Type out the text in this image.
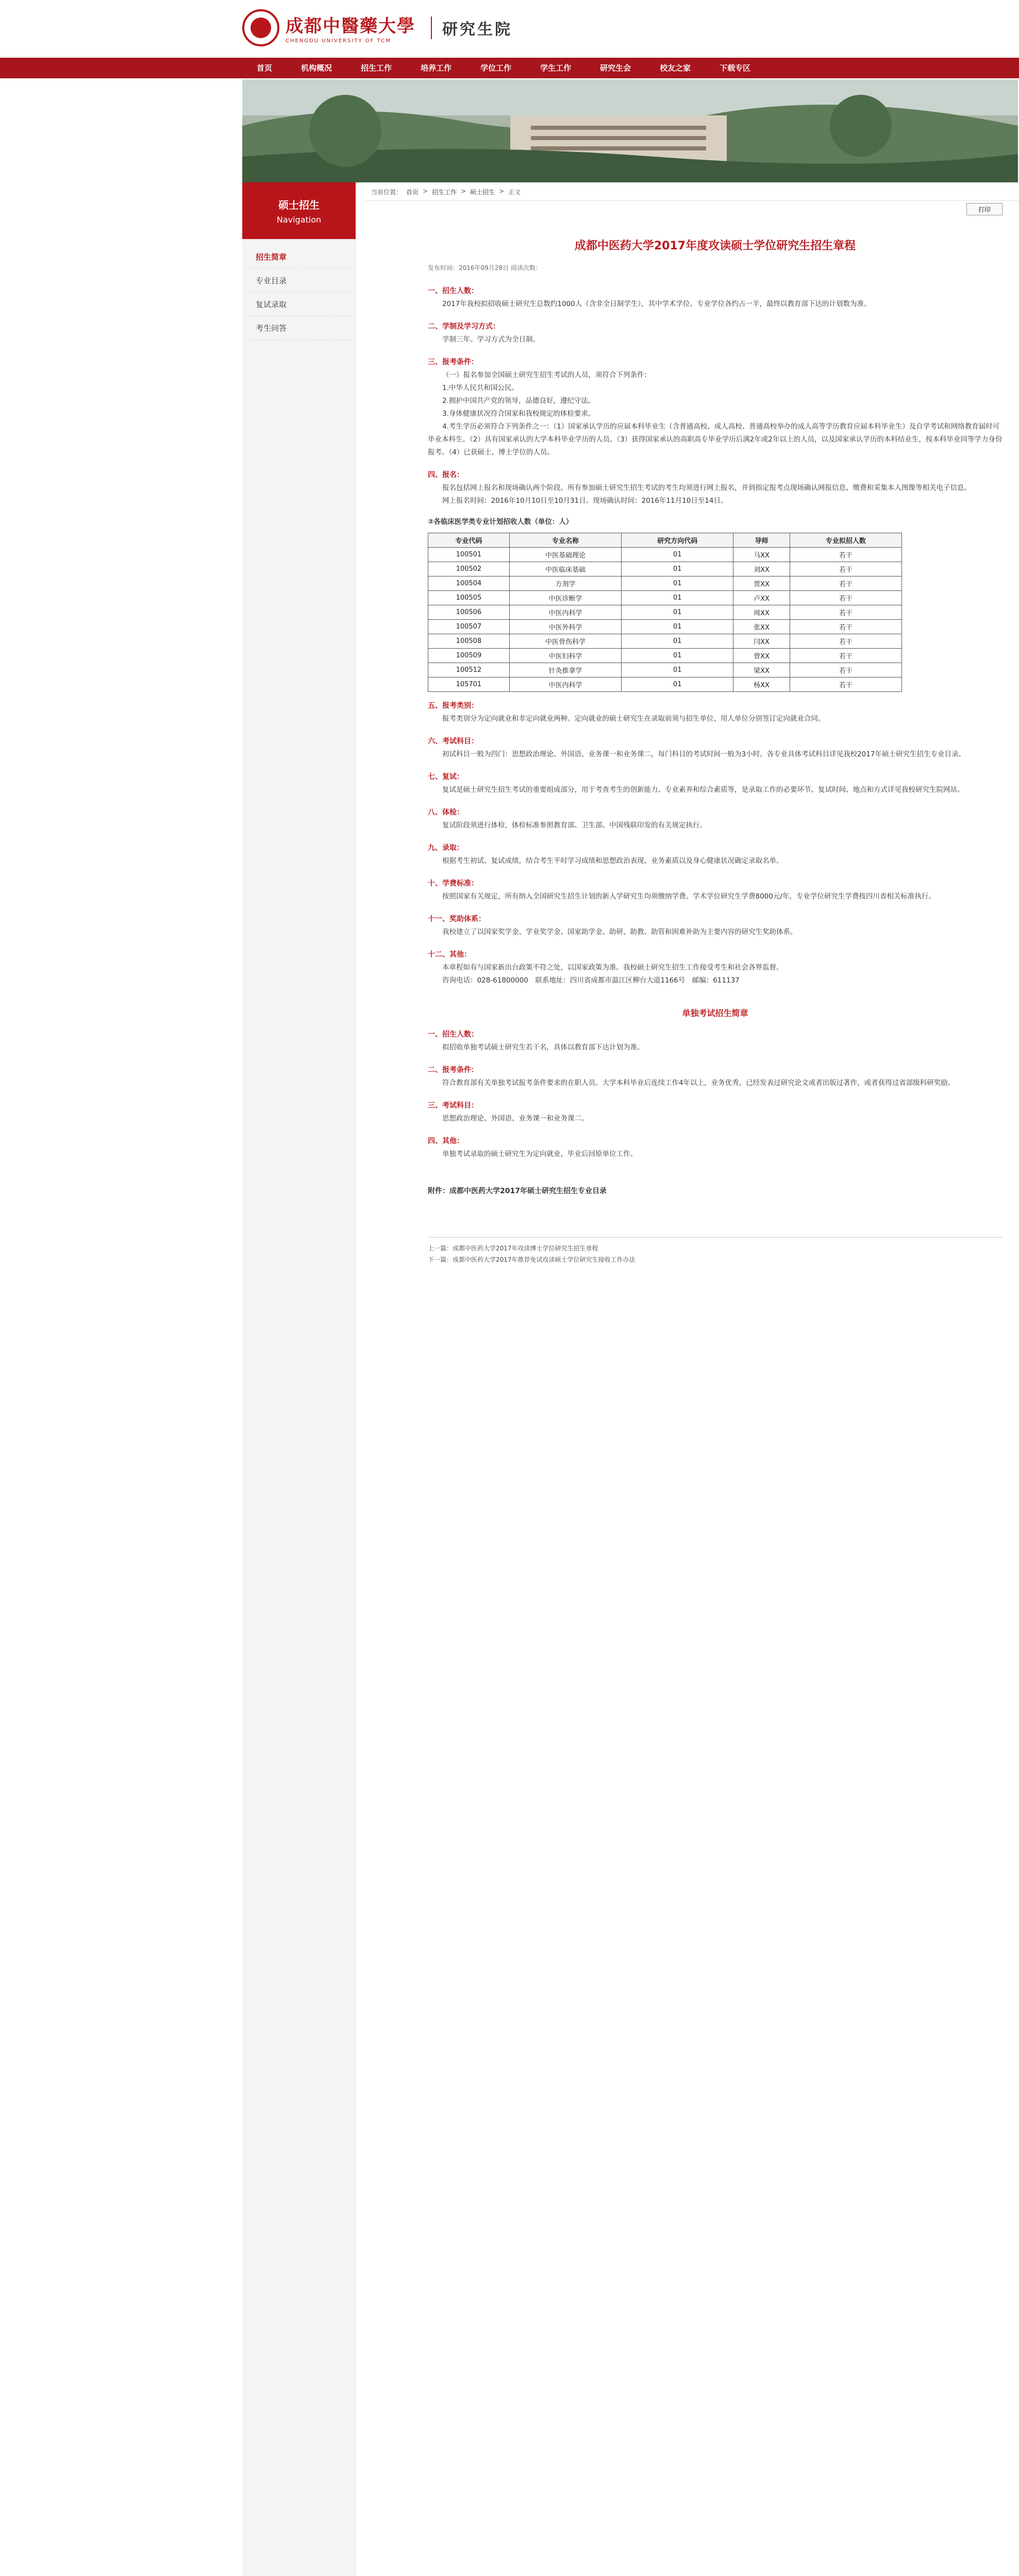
成都中醫藥大學
CHENGDU UNIVERSITY OF TCM
研究生院
首页	机构概况	招生工作	培养工作	学位工作	学生工作	研究生会	校友之家	下载专区
硕士招生
Navigation
招生简章
专业目录
复试录取
考生问答
当前位置： 首页 > 招生工作 > 硕士招生 > 正文
打印
成都中医药大学2017年度攻读硕士学位研究生招生章程
发布时间：2016年09月28日 阅读次数：
一、招生人数：
2017年我校拟招收硕士研究生总数约1000人（含非全日制学生），其中学术学位、专业学位各约占一半，最终以教育部下达的计划数为准。
二、学制及学习方式：
学制三年。学习方式为全日制。
三、报考条件：
（一）报名参加全国硕士研究生招生考试的人员，须符合下列条件：
1.中华人民共和国公民。
2.拥护中国共产党的领导，品德良好，遵纪守法。
3.身体健康状况符合国家和我校规定的体检要求。
4.考生学历必须符合下列条件之一：（1）国家承认学历的应届本科毕业生（含普通高校、成人高校、普通高校举办的成人高等学历教育应届本科毕业生）及自学考试和网络教育届时可毕业本科生。（2）具有国家承认的大学本科毕业学历的人员。（3）获得国家承认的高职高专毕业学历后满2年或2年以上的人员，以及国家承认学历的本科结业生，按本科毕业同等学力身份报考。（4）已获硕士、博士学位的人员。
四、报名：
报名包括网上报名和现场确认两个阶段。所有参加硕士研究生招生考试的考生均须进行网上报名，并到指定报考点现场确认网报信息、缴费和采集本人图像等相关电子信息。
网上报名时间：2016年10月10日至10月31日。现场确认时间：2016年11月10日至14日。
②各临床医学类专业计划招收人数（单位：人）
专业代码	专业名称	研究方向代码	导师	专业拟招人数
100501	中医基础理论	01	马XX	若干
100502	中医临床基础	01	刘XX	若干
100504	方剂学	01	贾XX	若干
100505	中医诊断学	01	卢XX	若干
100506	中医内科学	01	周XX	若干
100507	中医外科学	01	张XX	若干
100508	中医骨伤科学	01	闫XX	若干
100509	中医妇科学	01	曾XX	若干
100512	针灸推拿学	01	梁XX	若干
105701	中医内科学	01	杨XX	若干
五、报考类别：
报考类别分为定向就业和非定向就业两种。定向就业的硕士研究生在录取前须与招生单位、用人单位分别签订定向就业合同。
六、考试科目：
初试科目一般为四门：思想政治理论、外国语、业务课一和业务课二，每门科目的考试时间一般为3小时。各专业具体考试科目详见我校2017年硕士研究生招生专业目录。
七、复试：
复试是硕士研究生招生考试的重要组成部分，用于考查考生的创新能力、专业素养和综合素质等，是录取工作的必要环节。复试时间、地点和方式详见我校研究生院网站。
八、体检：
复试阶段须进行体检，体检标准参照教育部、卫生部、中国残联印发的有关规定执行。
九、录取：
根据考生初试、复试成绩，结合考生平时学习成绩和思想政治表现、业务素质以及身心健康状况确定录取名单。
十、学费标准：
按照国家有关规定，所有纳入全国研究生招生计划的新入学研究生均须缴纳学费。学术学位研究生学费8000元/年，专业学位研究生学费按四川省相关标准执行。
十一、奖助体系：
我校建立了以国家奖学金、学业奖学金、国家助学金、助研、助教、助管和困难补助为主要内容的研究生奖助体系。
十二、其他：
本章程如有与国家新出台政策不符之处，以国家政策为准。我校硕士研究生招生工作接受考生和社会各界监督。
咨询电话：028-61800000　联系地址：四川省成都市温江区柳台大道1166号　邮编：611137
单独考试招生简章
一、招生人数：
拟招收单独考试硕士研究生若干名，具体以教育部下达计划为准。
二、报考条件：
符合教育部有关单独考试报考条件要求的在职人员。大学本科毕业后连续工作4年以上，业务优秀，已经发表过研究论文或者出版过著作，或者获得过省部级科研奖励。
三、考试科目：
思想政治理论、外国语、业务课一和业务课二。
四、其他：
单独考试录取的硕士研究生为定向就业，毕业后回原单位工作。
附件：成都中医药大学2017年硕士研究生招生专业目录
上一篇：成都中医药大学2017年攻读博士学位研究生招生章程
下一篇：成都中医药大学2017年推荐免试攻读硕士学位研究生接收工作办法
